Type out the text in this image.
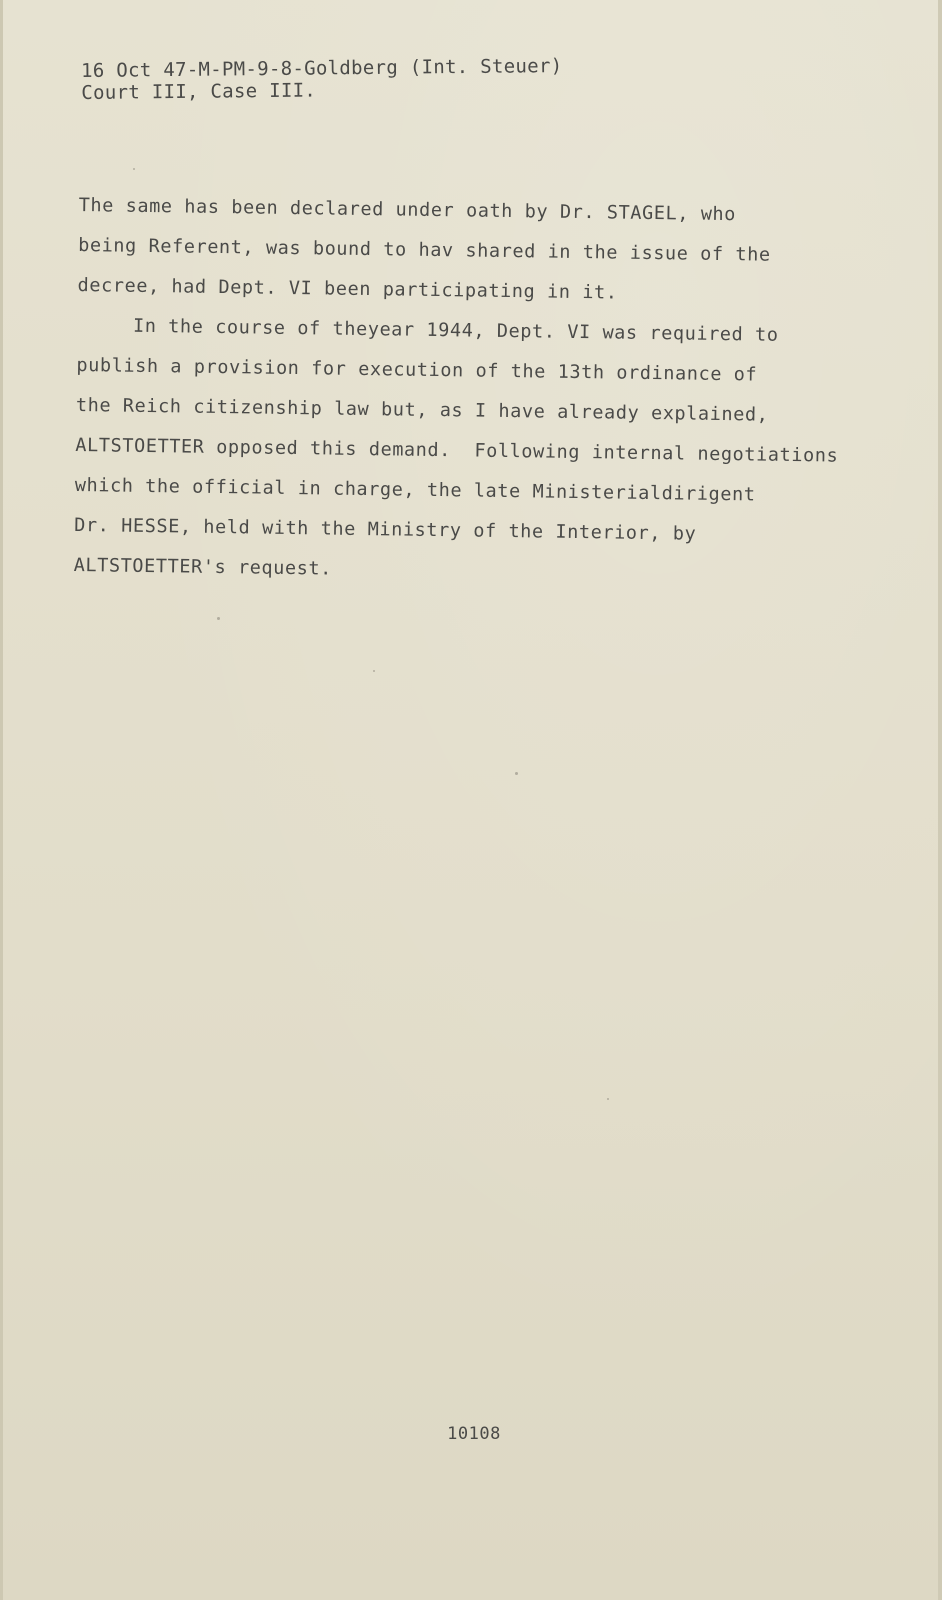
16 Oct 47-M-PM-9-8-Goldberg (Int. Steuer)
Court III, Case III.
The same has been declared under oath by Dr. STAGEL, who
being Referent, was bound to hav shared in the issue of the
decree, had Dept. VI been participating in it.
In the course of theyear 1944, Dept. VI was required to
publish a provision for execution of the 13th ordinance of
the Reich citizenship law but, as I have already explained,
ALTSTOETTER opposed this demand.  Following internal negotiations
which the official in charge, the late Ministerialdirigent
Dr. HESSE, held with the Ministry of the Interior, by
ALTSTOETTER's request.
10108
